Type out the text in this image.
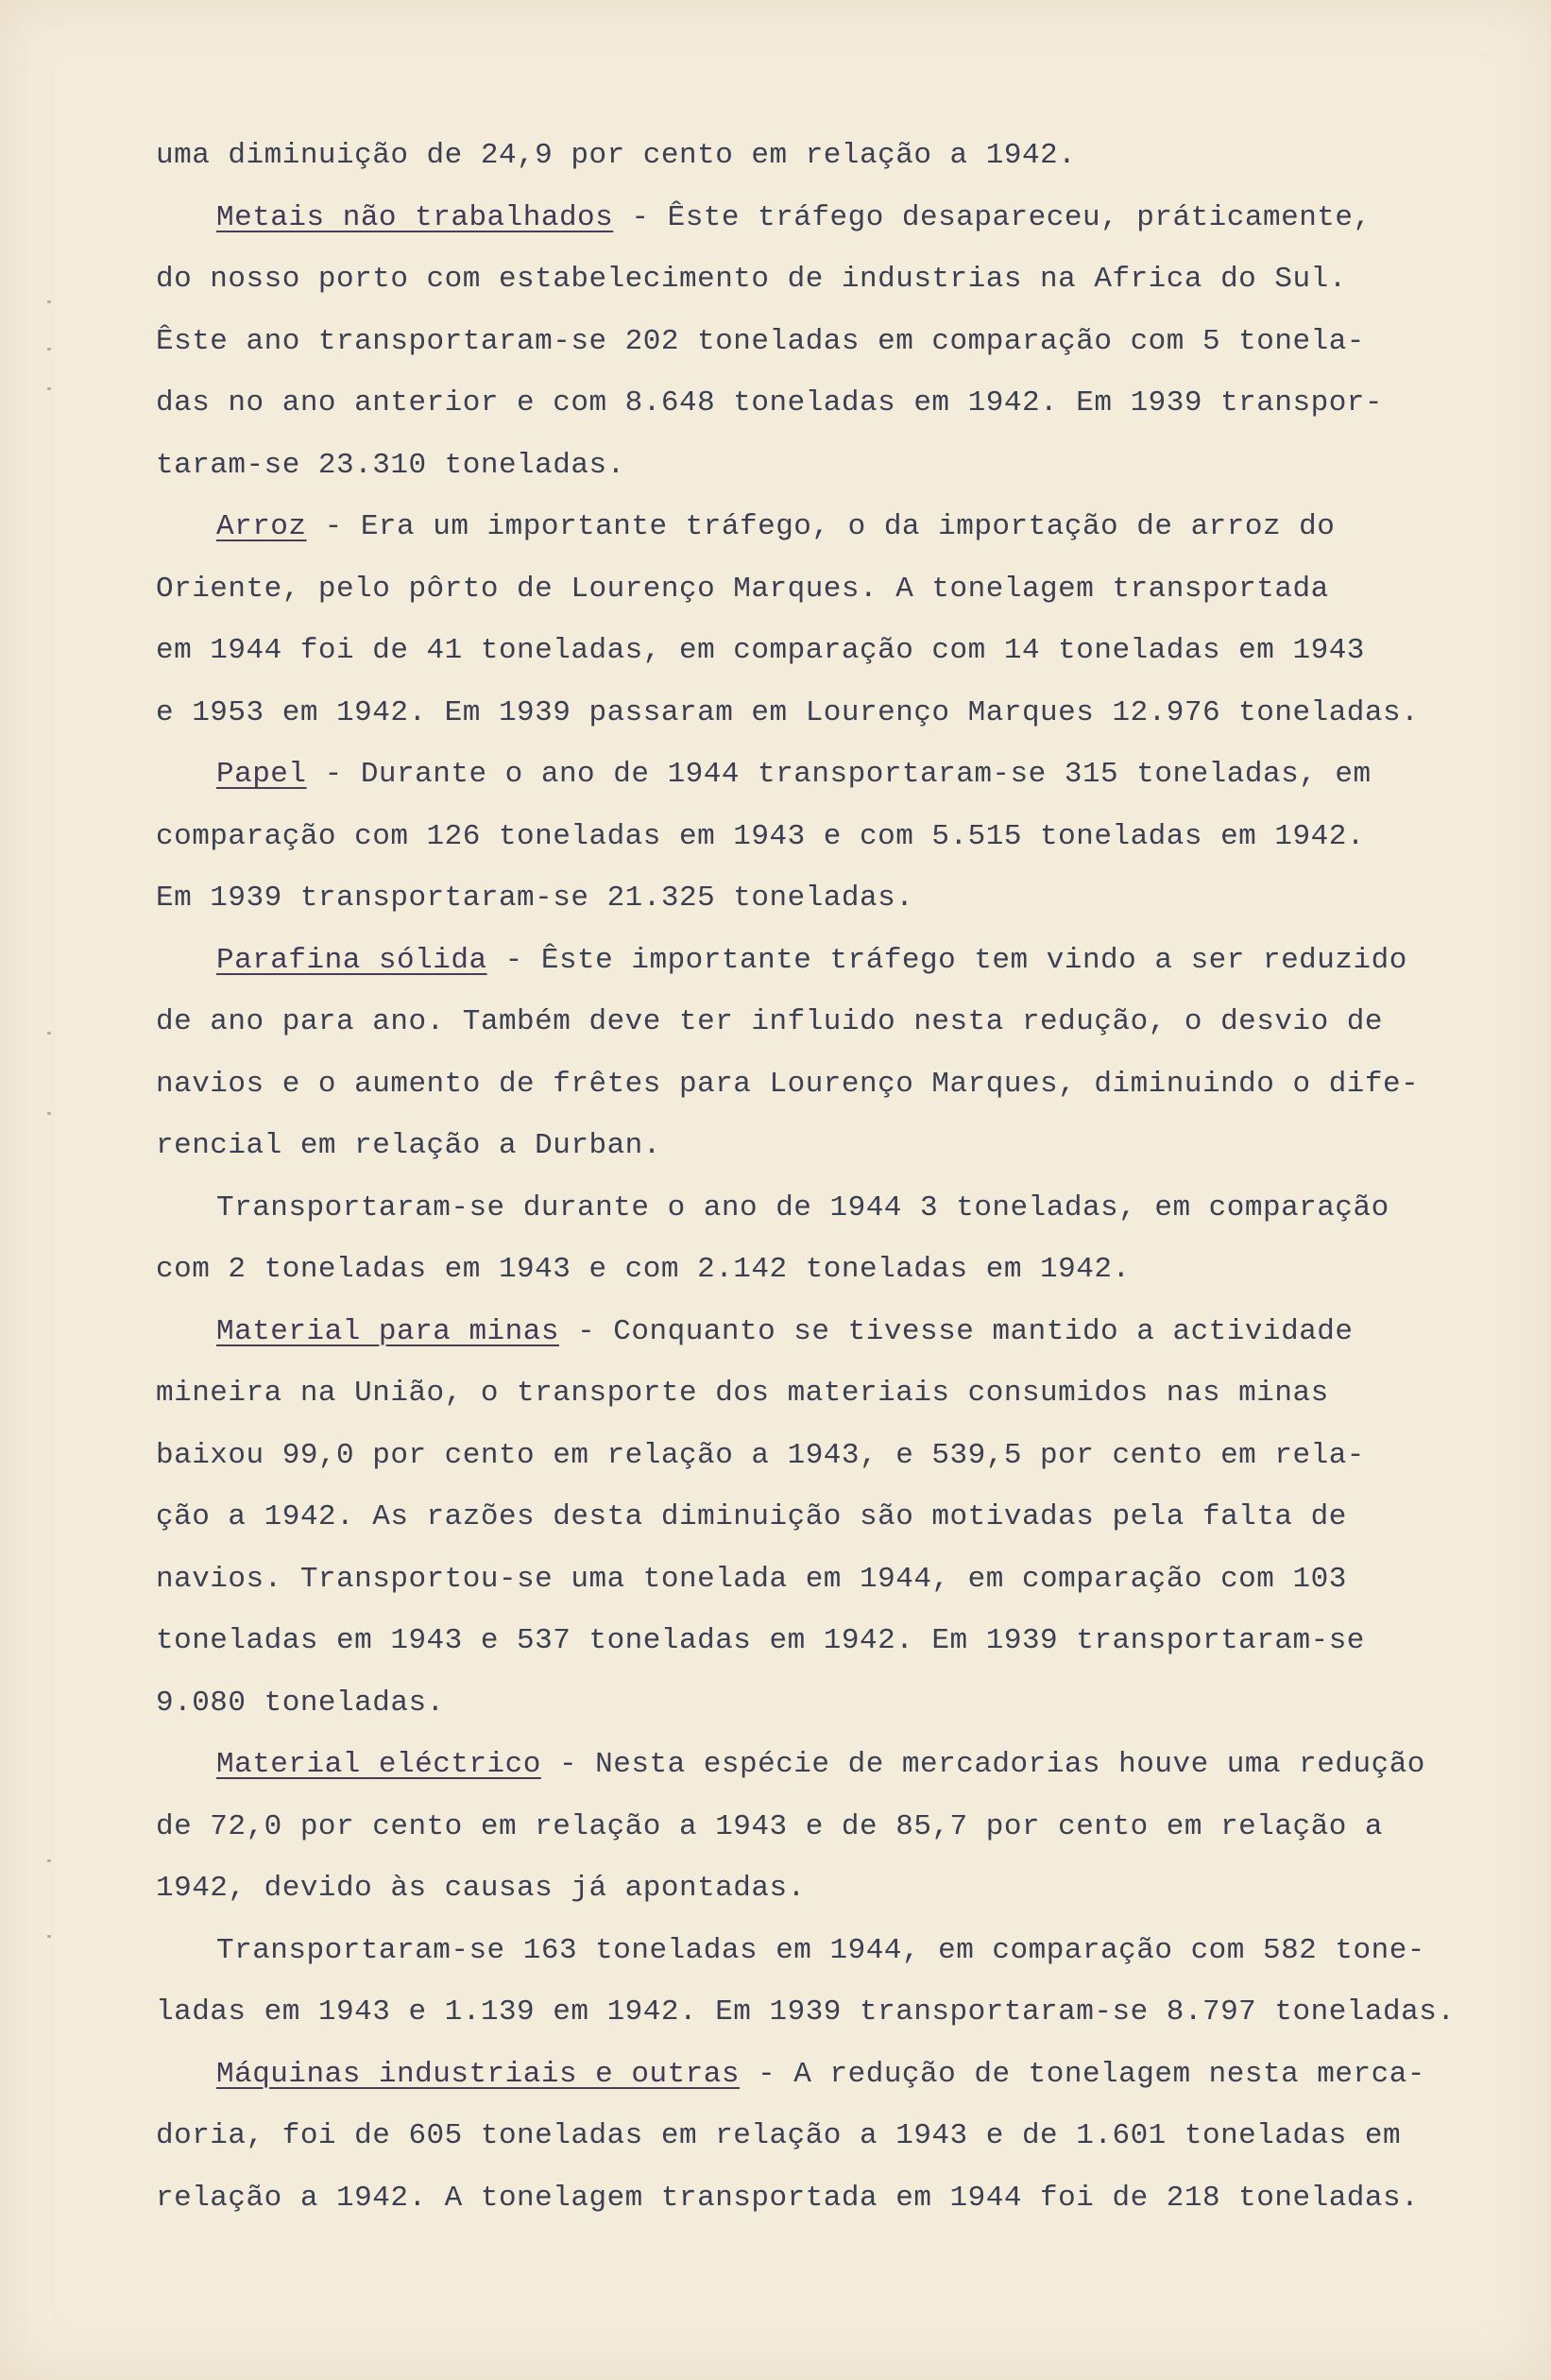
uma diminuição de 24,9 por cento em relação a 1942.
Metais não trabalhados - Êste tráfego desapareceu, práticamente,
do nosso porto com estabelecimento de industrias na Africa do Sul.
Êste ano transportaram-se 202 toneladas em comparação com 5 tonela-
das no ano anterior e com 8.648 toneladas em 1942. Em 1939 transpor-
taram-se 23.310 toneladas.
Arroz - Era um importante tráfego, o da importação de arroz do
Oriente, pelo pôrto de Lourenço Marques. A tonelagem transportada
em 1944 foi de 41 toneladas, em comparação com 14 toneladas em 1943
e 1953 em 1942. Em 1939 passaram em Lourenço Marques 12.976 toneladas.
Papel - Durante o ano de 1944 transportaram-se 315 toneladas, em
comparação com 126 toneladas em 1943 e com 5.515 toneladas em 1942.
Em 1939 transportaram-se 21.325 toneladas.
Parafina sólida - Êste importante tráfego tem vindo a ser reduzido
de ano para ano. Também deve ter influido nesta redução, o desvio de
navios e o aumento de frêtes para Lourenço Marques, diminuindo o dife-
rencial em relação a Durban.
Transportaram-se durante o ano de 1944 3 toneladas, em comparação
com 2 toneladas em 1943 e com 2.142 toneladas em 1942.
Material para minas - Conquanto se tivesse mantido a actividade
mineira na União, o transporte dos materiais consumidos nas minas
baixou 99,0 por cento em relação a 1943, e 539,5 por cento em rela-
ção a 1942. As razões desta diminuição são motivadas pela falta de
navios. Transportou-se uma tonelada em 1944, em comparação com 103
toneladas em 1943 e 537 toneladas em 1942. Em 1939 transportaram-se
9.080 toneladas.
Material eléctrico - Nesta espécie de mercadorias houve uma redução
de 72,0 por cento em relação a 1943 e de 85,7 por cento em relação a
1942, devido às causas já apontadas.
Transportaram-se 163 toneladas em 1944, em comparação com 582 tone-
ladas em 1943 e 1.139 em 1942. Em 1939 transportaram-se 8.797 toneladas.
Máquinas industriais e outras - A redução de tonelagem nesta merca-
doria, foi de 605 toneladas em relação a 1943 e de 1.601 toneladas em
relação a 1942. A tonelagem transportada em 1944 foi de 218 toneladas.
